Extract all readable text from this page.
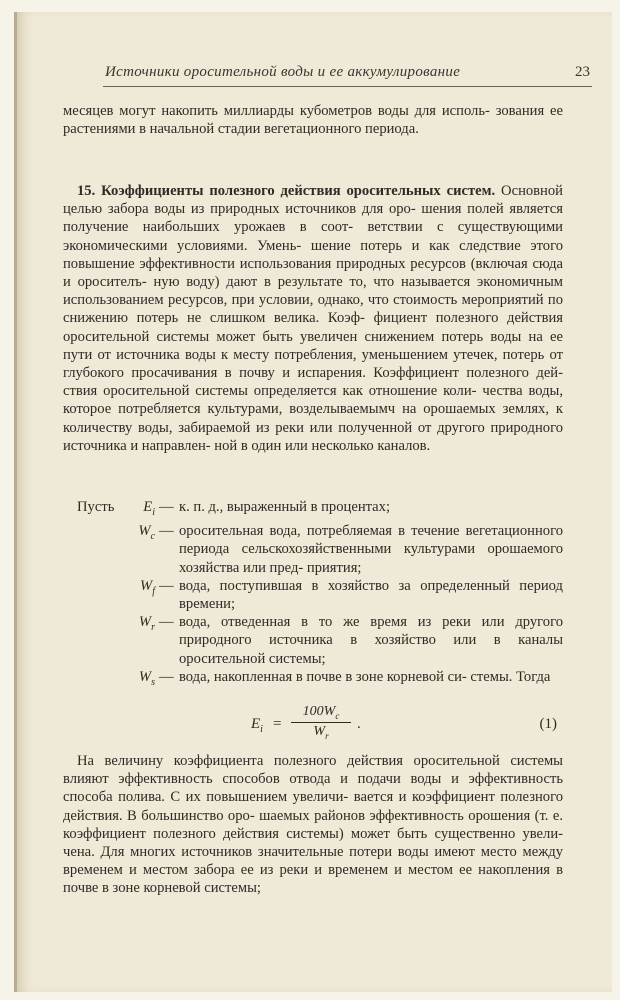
Источники оросительной воды и ее аккумулирование	23
месяцев могут накопить миллиарды кубометров воды для исполь- зования ее растениями в начальной стадии вегетационного периода.
15. Коэффициенты полезного действия оросительных систем. Основной целью забора воды из природных источников для оро- шения полей является получение наибольших урожаев в соот- ветствии с существующими экономическими условиями. Умень- шение потерь и как следствие этого повышение эффективности использования природных ресурсов (включая сюда и оросителъ- ную воду) дают в результате то, что называется экономичным использованием ресурсов, при условии, однако, что стоимость мероприятий по снижению потерь не слишком велика. Коэф- фициент полезного действия оросительной системы может быть увеличен снижением потерь воды на ее пути от источника воды к месту потребления, уменьшением утечек, потерь от глубокого просачивания в почву и испарения. Коэффициент полезного дей- ствия оросительной системы определяется как отношение коли- чества воды, которое потребляется культурами, возделываемымч на орошаемых землях, к количеству воды, забираемой из реки или полученной от другого природного источника и направлен- ной в один или несколько каналов.
Пусть	$E_i$ — к. п. д., выраженный в процентах;
$W_c$ — оросительная вода, потребляемая в течение вегетационного периода сельскохозяйственными культурами орошаемого хозяйства или пред- приятия;
$W_f$ — вода, поступившая в хозяйство за определенный период времени;
$W_r$ — вода, отведенная в то же время из реки или другого природного источника в хозяйство или в каналы оросительной системы;
$W_s$ — вода, накопленная в почве в зоне корневой си- стемы. Тогда
$E_i = \frac{100W_c}{W_r}$ .	(1)
На величину коэффициента полезного действия оросительной системы влияют эффективность способов отвода и подачи воды и эффективность способа полива. С их повышением увеличи- вается и коэффициент полезного действия. В большинство оро- шаемых районов эффективность орошения (т. е. коэффициент полезного действия системы) может быть существенно увели- чена. Для многих источников значительные потери воды имеют место между временем и местом забора ее из реки и временем и местом ее накопления в почве в зоне корневой системы;
